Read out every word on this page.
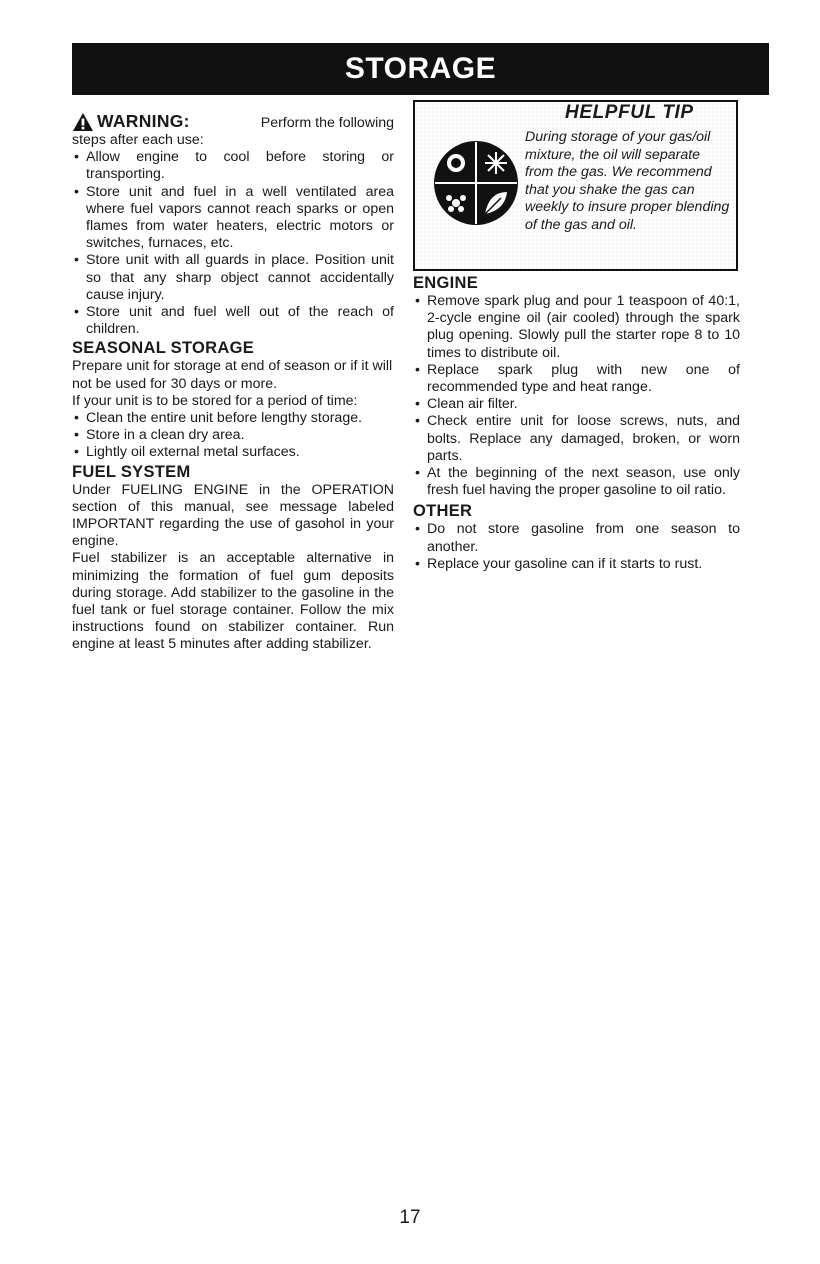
STORAGE
WARNING:	Perform the following

steps after each use:

• Allow engine to cool before storing or transporting.
• Store unit and fuel in a well ventilated area where fuel vapors cannot reach sparks or open flames from water heaters, electric motors or switches, furnaces, etc.
• Store unit with all guards in place. Position unit so that any sharp object cannot accidentally cause injury.
• Store unit and fuel well out of the reach of children.
SEASONAL STORAGE

Prepare unit for storage at end of season or if it will not be used for 30 days or more.

If your unit is to be stored for a period of time:

• Clean the entire unit before lengthy storage.
• Store in a clean dry area.
• Lightly oil external metal surfaces.
FUEL SYSTEM

Under FUELING ENGINE in the OPERATION section of this manual, see message labeled IMPORTANT regarding the use of gasohol in your engine.

Fuel stabilizer is an acceptable alternative in minimizing the formation of fuel gum deposits during storage. Add stabilizer to the gasoline in the fuel tank or fuel storage container. Follow the mix instructions found on stabilizer container. Run engine at least 5 minutes after adding stabilizer.

HELPFUL TIP

During storage of your gas/oil mixture, the oil will separate from the gas. We recommend that you shake the gas can weekly to insure proper blending of the gas and oil.

ENGINE
• Remove spark plug and pour 1 teaspoon of 40:1, 2-cycle engine oil (air cooled) through the spark plug opening. Slowly pull the starter rope 8 to 10 times to distribute oil.
• Replace spark plug with new one of recommended type and heat range.
• Clean air filter.
• Check entire unit for loose screws, nuts, and bolts. Replace any damaged, broken, or worn parts.
• At the beginning of the next season, use only fresh fuel having the proper gasoline to oil ratio.
OTHER
• Do not store gasoline from one season to another.
• Replace your gasoline can if it starts to rust.
17
